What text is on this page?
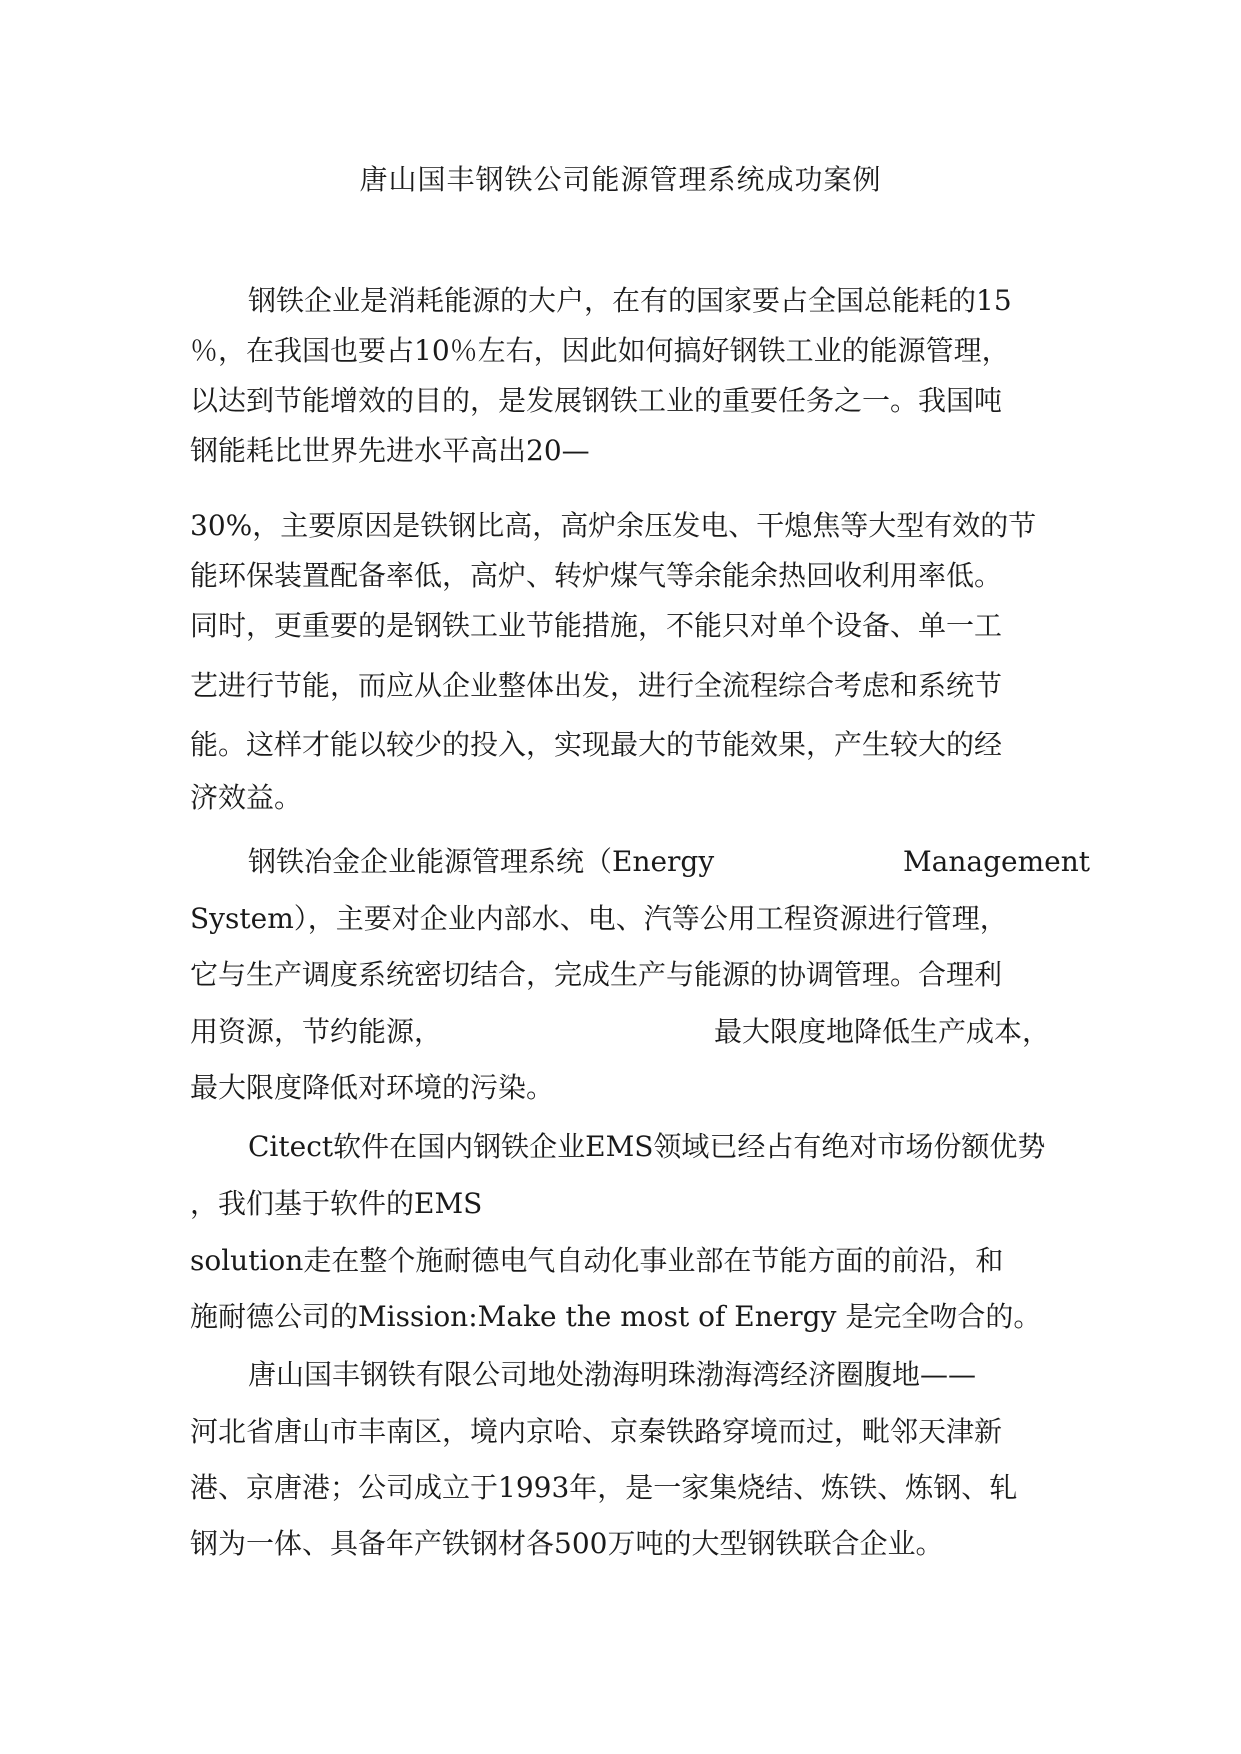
唐山国丰钢铁公司能源管理系统成功案例
钢铁企业是消耗能源的大户，在有的国家要占全国总能耗的15
％，在我国也要占10％左右，因此如何搞好钢铁工业的能源管理，
以达到节能增效的目的，是发展钢铁工业的重要任务之一。我国吨
钢能耗比世界先进水平高出20—
30%，主要原因是铁钢比高，高炉余压发电、干熄焦等大型有效的节
能环保装置配备率低，高炉、转炉煤气等余能余热回收利用率低。
同时，更重要的是钢铁工业节能措施，不能只对单个设备、单一工
艺进行节能，而应从企业整体出发，进行全流程综合考虑和系统节
能。这样才能以较少的投入，实现最大的节能效果，产生较大的经
济效益。
钢铁冶金企业能源管理系统（Energy	Management
System），主要对企业内部水、电、汽等公用工程资源进行管理，
它与生产调度系统密切结合，完成生产与能源的协调管理。合理利
用资源，节约能源，	最大限度地降低生产成本，
最大限度降低对环境的污染。
Citect软件在国内钢铁企业EMS领域已经占有绝对市场份额优势
，我们基于软件的EMS
solution走在整个施耐德电气自动化事业部在节能方面的前沿，和
施耐德公司的Mission:Make the most of Energy 是完全吻合的。
唐山国丰钢铁有限公司地处渤海明珠渤海湾经济圈腹地——
河北省唐山市丰南区，境内京哈、京秦铁路穿境而过，毗邻天津新
港、京唐港；公司成立于1993年，是一家集烧结、炼铁、炼钢、轧
钢为一体、具备年产铁钢材各500万吨的大型钢铁联合企业。
